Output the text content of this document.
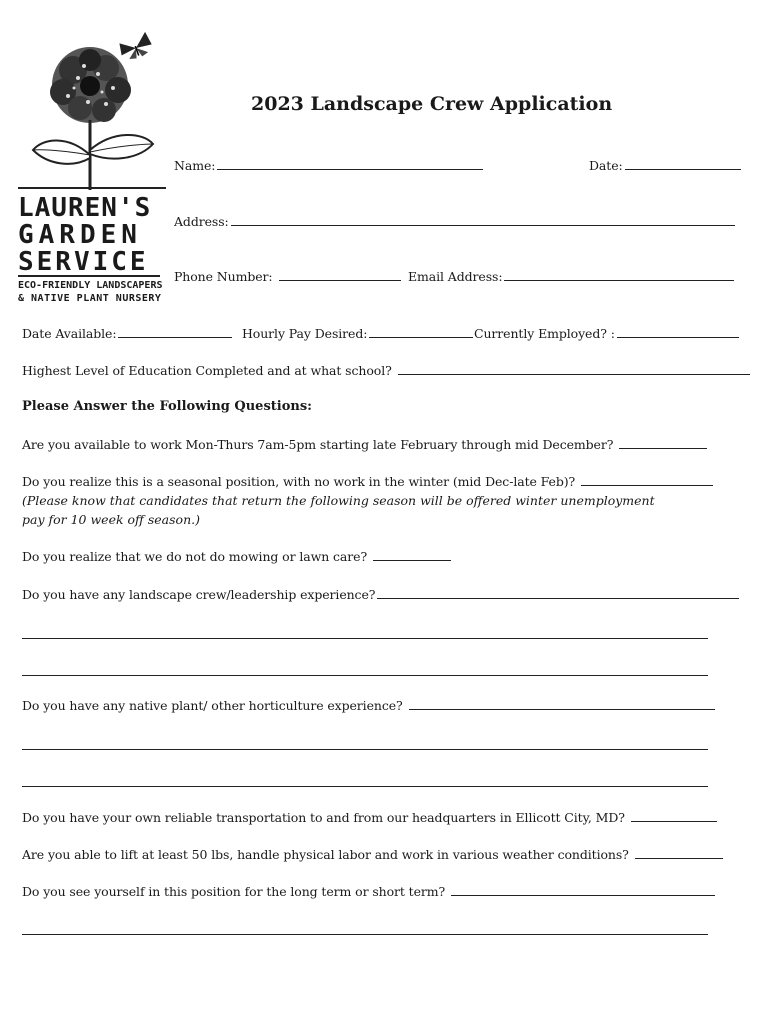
LAUREN'S
GARDEN
SERVICE
ECO-FRIENDLY LANDSCAPERS
& NATIVE PLANT NURSERY
2023 Landscape Crew Application
Name:	Date:
Address:
Phone Number:	Email Address:
Date Available:	Hourly Pay Desired:	Currently Employed? :
Highest Level of Education Completed and at what school?
Please Answer the Following Questions:
Are you available to work Mon-Thurs 7am-5pm starting late February through mid December?
Do you realize this is a seasonal position, with no work in the winter (mid Dec-late Feb)?
(Please know that candidates that return the following season will be offered winter unemployment pay for 10 week off season.)
Do you realize that we do not do mowing or lawn care?
Do you have any landscape crew/leadership experience?
Do you have any native plant/ other horticulture experience?
Do you have your own reliable transportation to and from our headquarters in Ellicott City, MD?
Are you able to lift at least 50 lbs, handle physical labor and work in various weather conditions?
Do you see yourself in this position for the long term or short term?
